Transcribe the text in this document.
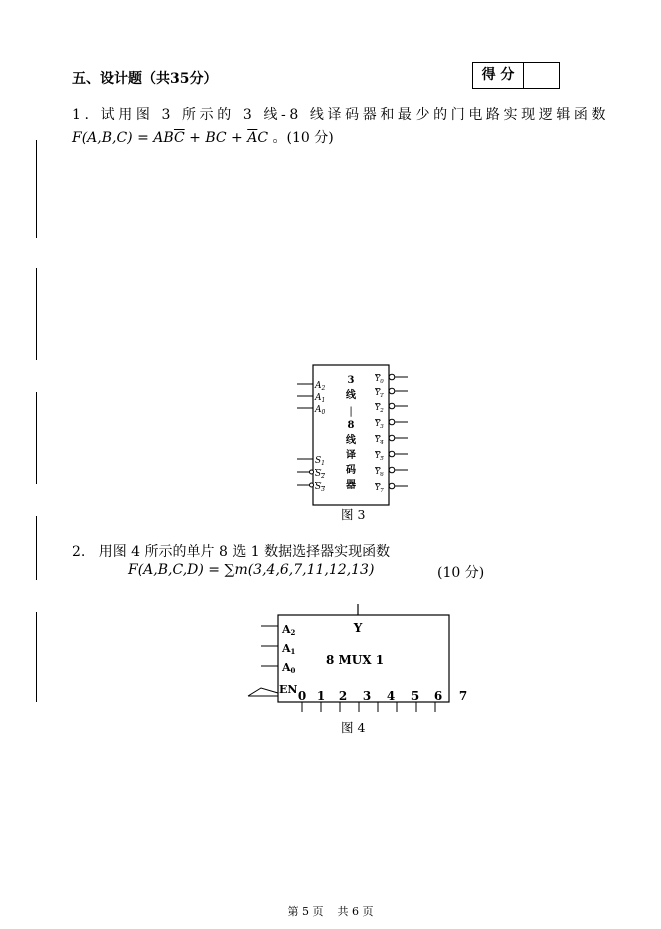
五、设计题（共35分）	得 分
1. 试用图 3 所示的 3 线-8 线译码器和最少的门电路实现逻辑函数
$F(A,B,C) = AB\overline{C}$ + BC + $\overline{A}C$ 。(10 分)
$A_2$
$A_1$
$A_0$
$S_1$
$S_2$
$S_3$
3
线
|
8
线
译
码
器
$Y_0$
$Y_1$
$Y_2$
$Y_3$
$Y_4$
$Y_5$
$Y_6$
$Y_7$
图 3
2. 用图 4 所示的单片 8 选 1 数据选择器实现函数
F(A,B,C,D) = ∑m(3,4,6,7,11,12,13)	(10 分)
Y
8 MUX 1
A2
A1
A0
EN 0 1 2 3 4 5 6 7
图 4
第 5 页    共 6 页
